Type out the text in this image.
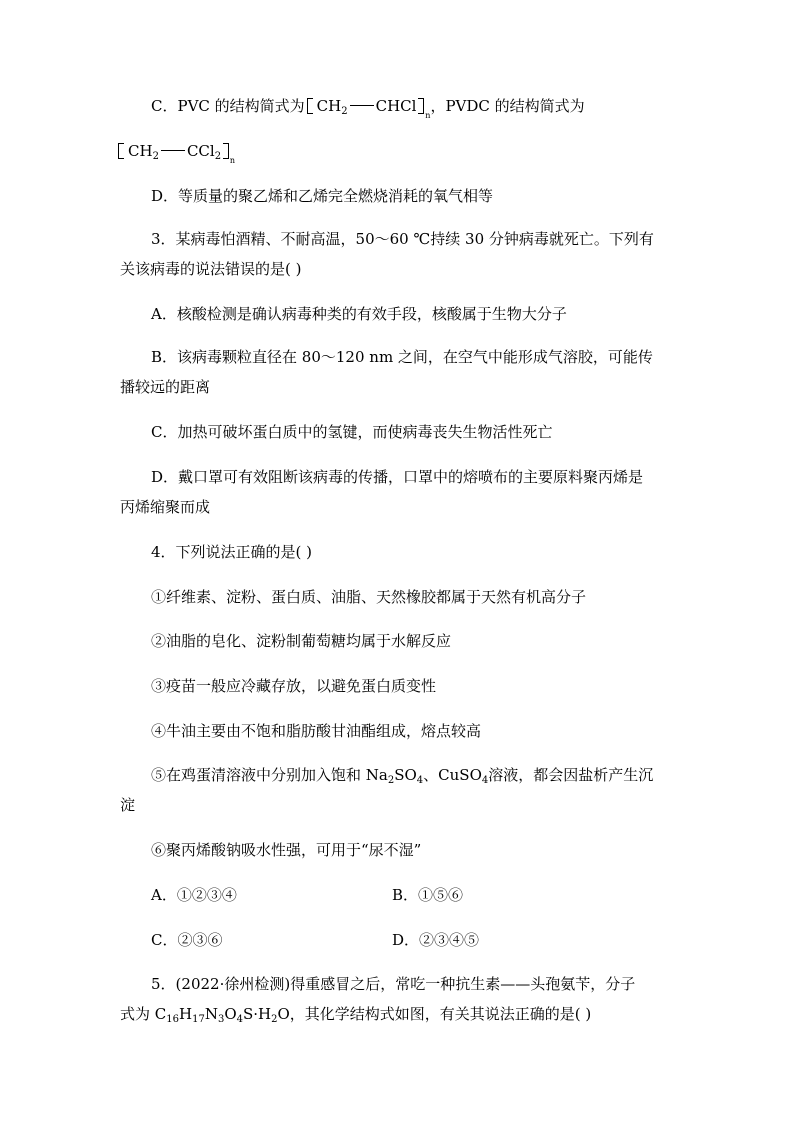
C．PVC 的结构简式为 $CH_2$ CHCl
n
，PVDC 的结构简式为
$CH_2$ CCl$_2$ n
D．等质量的聚乙烯和乙烯完全燃烧消耗的氧气相等
3．某病毒怕酒精、不耐高温，50～60 ℃持续 30 分钟病毒就死亡。下列有
关该病毒的说法错误的是( )
A．核酸检测是确认病毒种类的有效手段，核酸属于生物大分子
B．该病毒颗粒直径在 80～120 nm 之间，在空气中能形成气溶胶，可能传
播较远的距离
C．加热可破坏蛋白质中的氢键，而使病毒丧失生物活性死亡
D．戴口罩可有效阻断该病毒的传播，口罩中的熔喷布的主要原料聚丙烯是
丙烯缩聚而成
4．下列说法正确的是( )
①纤维素、淀粉、蛋白质、油脂、天然橡胶都属于天然有机高分子
②油脂的皂化、淀粉制葡萄糖均属于水解反应
③疫苗一般应冷藏存放，以避免蛋白质变性
④牛油主要由不饱和脂肪酸甘油酯组成，熔点较高
⑤在鸡蛋清溶液中分别加入饱和 $Na_2SO_4$、CuSO$_4$溶液，都会因盐析产生沉
淀
⑥聚丙烯酸钠吸水性强，可用于“尿不湿”
A．①②③④	B．①⑤⑥
C．②③⑥	D．②③④⑤
5．(2022·徐州检测)得重感冒之后，常吃一种抗生素——头孢氨苄，分子
式为 $C_{16}H_{17}N_3O_4S\cdot H_2O$，其化学结构式如图，有关其说法正确的是( )
